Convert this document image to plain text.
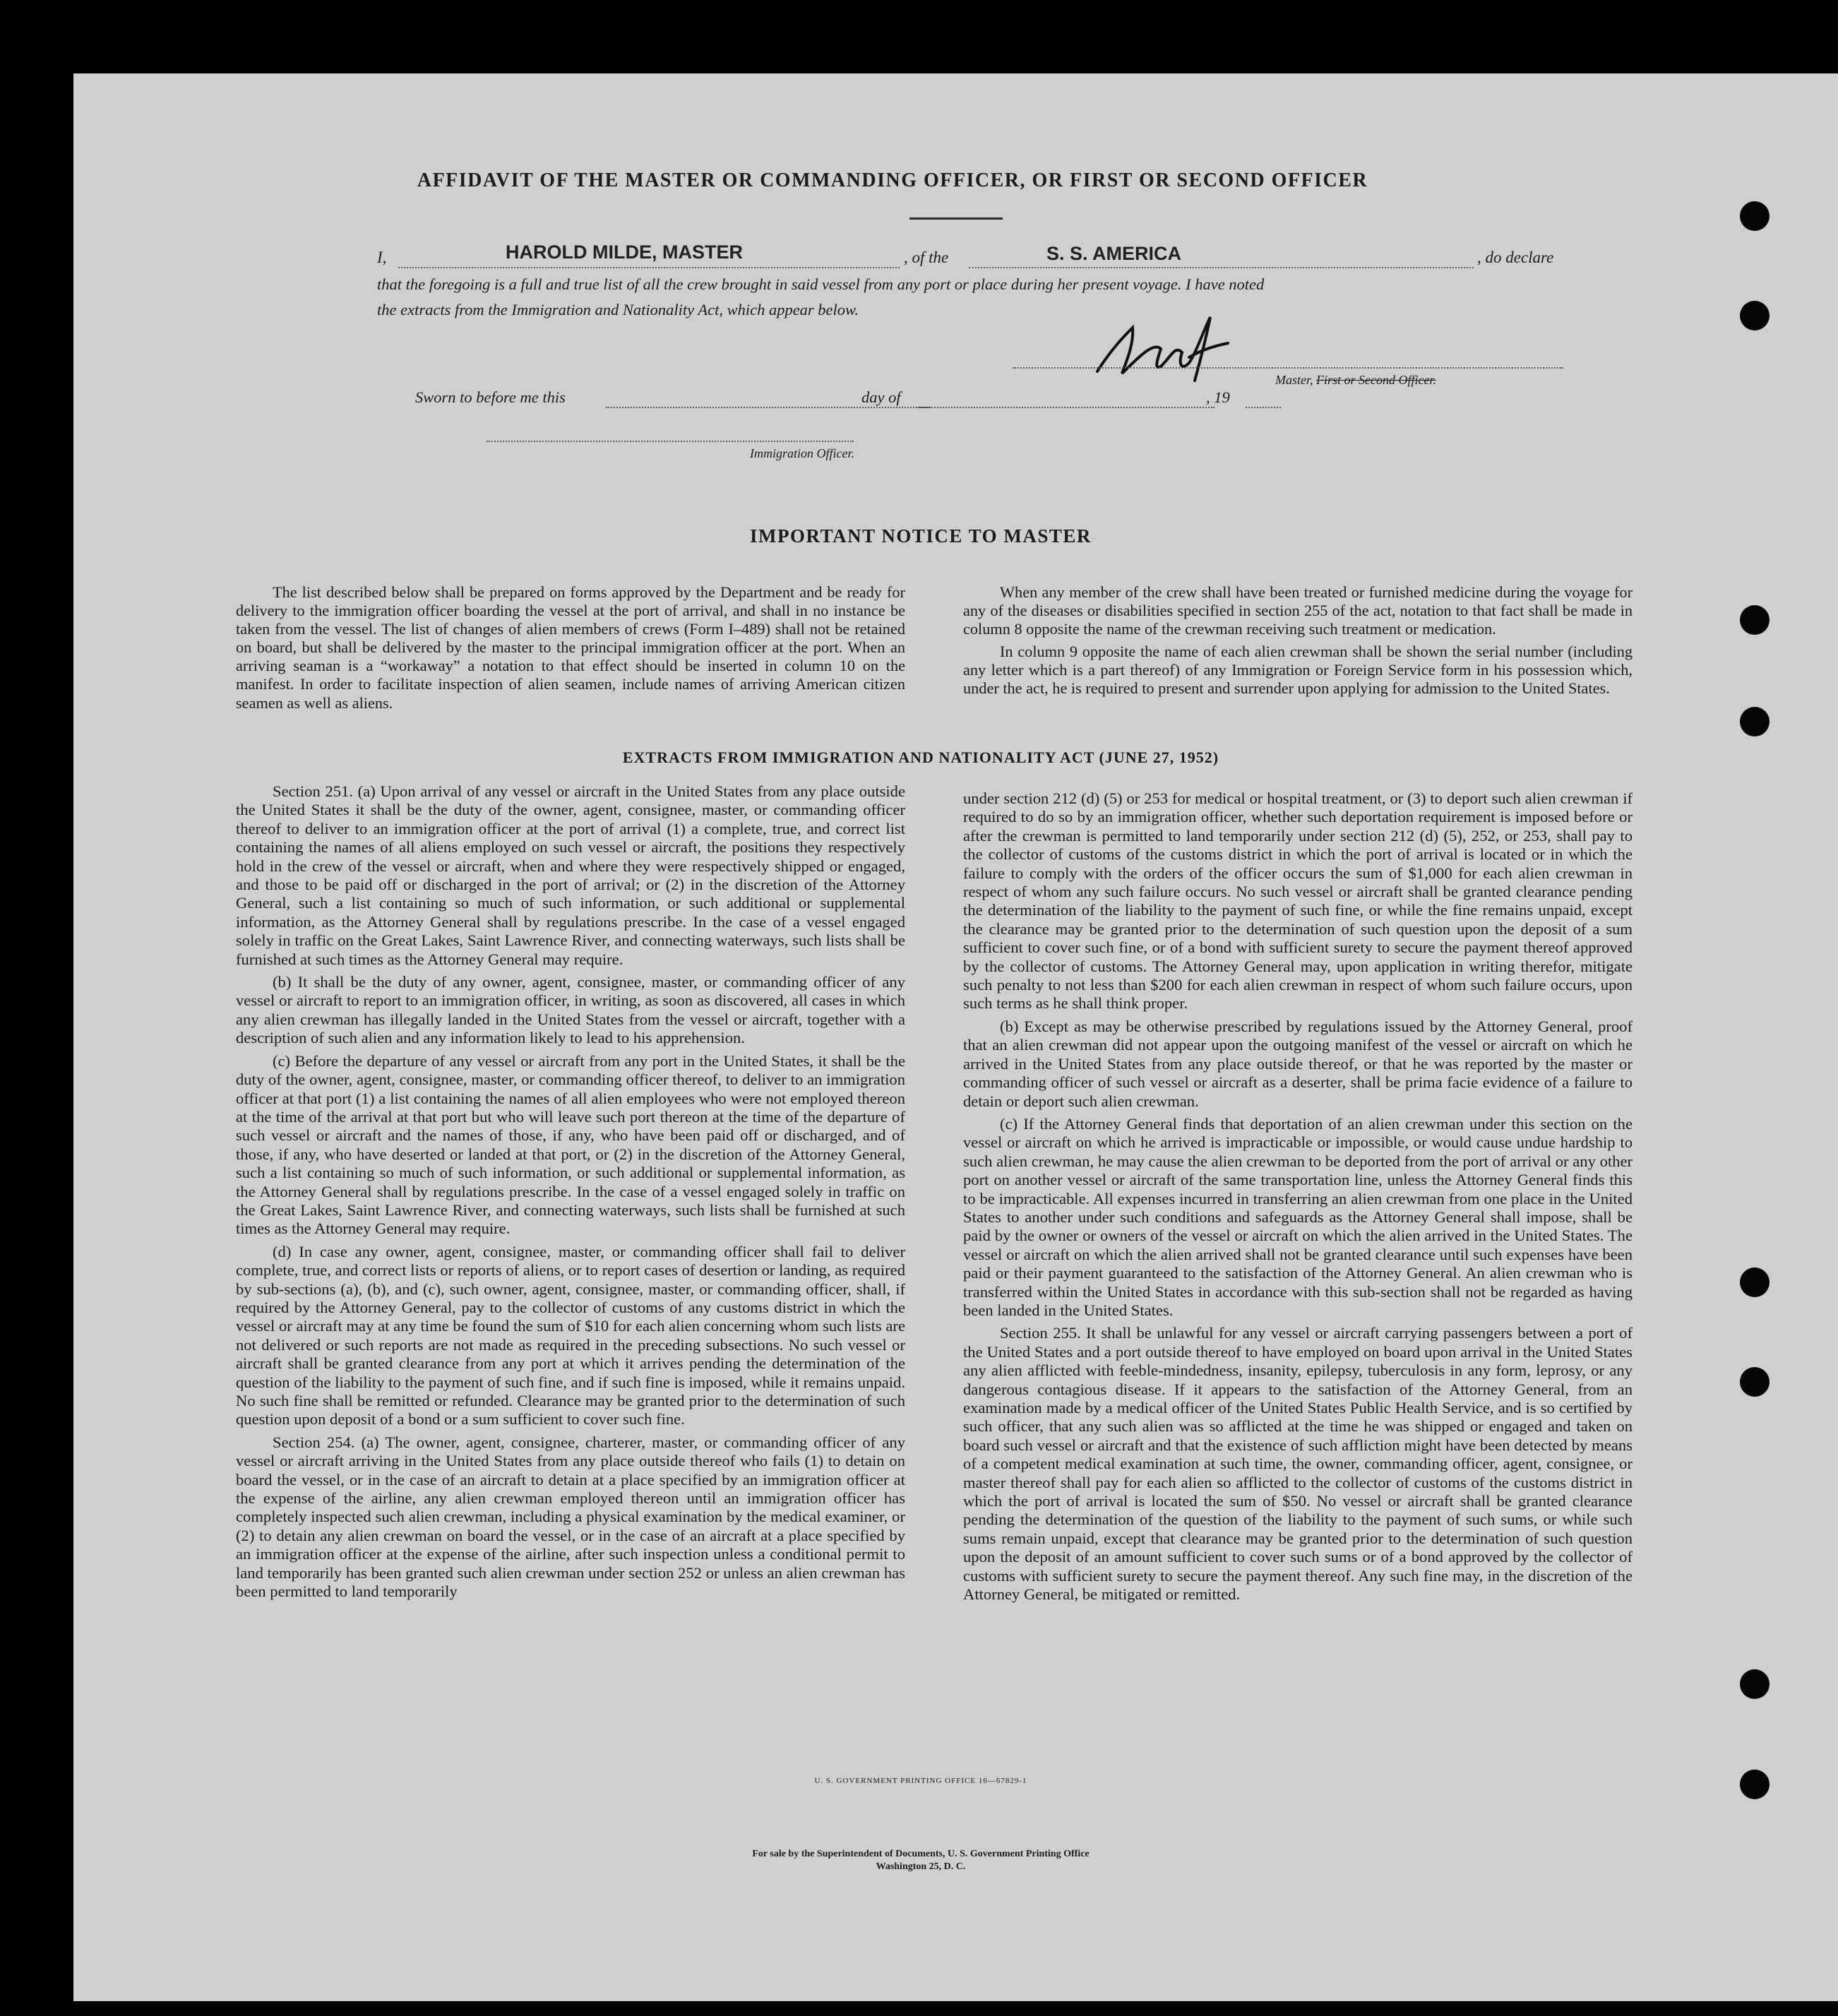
AFFIDAVIT OF THE MASTER OR COMMANDING OFFICER, OR FIRST OR SECOND OFFICER
I,	HAROLD MILDE, MASTER	, of the	S. S. AMERICA	, do declare
that the foregoing is a full and true list of all the crew brought in said vessel from any port or place during her present voyage. I have noted
the extracts from the Immigration and Nationality Act, which appear below.
Master, First or Second Officer.
Sworn to before me this	day of	, 19
Immigration Officer.
IMPORTANT NOTICE TO MASTER

The list described below shall be prepared on forms approved by the Department and be ready for delivery to the immigration officer boarding the vessel at the port of arrival, and shall in no instance be taken from the vessel. The list of changes of alien members of crews (Form I–489) shall not be retained on board, but shall be delivered by the master to the principal immigration officer at the port. When an arriving seaman is a “workaway” a notation to that effect should be inserted in column 10 on the manifest. In order to facilitate inspection of alien seamen, include names of arriving American citizen seamen as well as aliens.

When any member of the crew shall have been treated or furnished medicine during the voyage for any of the diseases or disabilities specified in section 255 of the act, notation to that fact shall be made in column 8 opposite the name of the crewman receiving such treatment or medication.

In column 9 opposite the name of each alien crewman shall be shown the serial number (including any letter which is a part thereof) of any Immigration or Foreign Service form in his possession which, under the act, he is required to present and surrender upon applying for admission to the United States.

EXTRACTS FROM IMMIGRATION AND NATIONALITY ACT (JUNE 27, 1952)

Section 251. (a) Upon arrival of any vessel or aircraft in the United States from any place outside the United States it shall be the duty of the owner, agent, consignee, master, or commanding officer thereof to deliver to an immigration officer at the port of arrival (1) a complete, true, and correct list containing the names of all aliens employed on such vessel or aircraft, the positions they respectively hold in the crew of the vessel or aircraft, when and where they were respectively shipped or engaged, and those to be paid off or discharged in the port of arrival; or (2) in the discretion of the Attorney General, such a list containing so much of such information, or such additional or supplemental information, as the Attorney General shall by regulations prescribe. In the case of a vessel engaged solely in traffic on the Great Lakes, Saint Lawrence River, and connecting waterways, such lists shall be furnished at such times as the Attorney General may require.

(b) It shall be the duty of any owner, agent, consignee, master, or commanding officer of any vessel or aircraft to report to an immigration officer, in writing, as soon as discovered, all cases in which any alien crewman has illegally landed in the United States from the vessel or aircraft, together with a description of such alien and any information likely to lead to his apprehension.

(c) Before the departure of any vessel or aircraft from any port in the United States, it shall be the duty of the owner, agent, consignee, master, or commanding officer thereof, to deliver to an immigration officer at that port (1) a list containing the names of all alien employees who were not employed thereon at the time of the arrival at that port but who will leave such port thereon at the time of the departure of such vessel or aircraft and the names of those, if any, who have been paid off or discharged, and of those, if any, who have deserted or landed at that port, or (2) in the discretion of the Attorney General, such a list containing so much of such information, or such additional or supplemental information, as the Attorney General shall by regulations prescribe. In the case of a vessel engaged solely in traffic on the Great Lakes, Saint Lawrence River, and connecting waterways, such lists shall be furnished at such times as the Attorney General may require.

(d) In case any owner, agent, consignee, master, or commanding officer shall fail to deliver complete, true, and correct lists or reports of aliens, or to report cases of desertion or landing, as required by sub-sections (a), (b), and (c), such owner, agent, consignee, master, or commanding officer, shall, if required by the Attorney General, pay to the collector of customs of any customs district in which the vessel or aircraft may at any time be found the sum of $10 for each alien concerning whom such lists are not delivered or such reports are not made as required in the preceding subsections. No such vessel or aircraft shall be granted clearance from any port at which it arrives pending the determination of the question of the liability to the payment of such fine, and if such fine is imposed, while it remains unpaid. No such fine shall be remitted or refunded. Clearance may be granted prior to the determination of such question upon deposit of a bond or a sum sufficient to cover such fine.

Section 254. (a) The owner, agent, consignee, charterer, master, or commanding officer of any vessel or aircraft arriving in the United States from any place outside thereof who fails (1) to detain on board the vessel, or in the case of an aircraft to detain at a place specified by an immigration officer at the expense of the airline, any alien crewman employed thereon until an immigration officer has completely inspected such alien crewman, including a physical examination by the medical examiner, or (2) to detain any alien crewman on board the vessel, or in the case of an aircraft at a place specified by an immigration officer at the expense of the airline, after such inspection unless a conditional permit to land temporarily has been granted such alien crewman under section 252 or unless an alien crewman has been permitted to land temporarily

under section 212 (d) (5) or 253 for medical or hospital treatment, or (3) to deport such alien crewman if required to do so by an immigration officer, whether such deportation requirement is imposed before or after the crewman is permitted to land temporarily under section 212 (d) (5), 252, or 253, shall pay to the collector of customs of the customs district in which the port of arrival is located or in which the failure to comply with the orders of the officer occurs the sum of $1,000 for each alien crewman in respect of whom any such failure occurs. No such vessel or aircraft shall be granted clearance pending the determination of the liability to the payment of such fine, or while the fine remains unpaid, except the clearance may be granted prior to the determination of such question upon the deposit of a sum sufficient to cover such fine, or of a bond with sufficient surety to secure the payment thereof approved by the collector of customs. The Attorney General may, upon application in writing therefor, mitigate such penalty to not less than $200 for each alien crewman in respect of whom such failure occurs, upon such terms as he shall think proper.

(b) Except as may be otherwise prescribed by regulations issued by the Attorney General, proof that an alien crewman did not appear upon the outgoing manifest of the vessel or aircraft on which he arrived in the United States from any place outside thereof, or that he was reported by the master or commanding officer of such vessel or aircraft as a deserter, shall be prima facie evidence of a failure to detain or deport such alien crewman.

(c) If the Attorney General finds that deportation of an alien crewman under this section on the vessel or aircraft on which he arrived is impracticable or impossible, or would cause undue hardship to such alien crewman, he may cause the alien crewman to be deported from the port of arrival or any other port on another vessel or aircraft of the same transportation line, unless the Attorney General finds this to be impracticable. All expenses incurred in transferring an alien crewman from one place in the United States to another under such conditions and safeguards as the Attorney General shall impose, shall be paid by the owner or owners of the vessel or aircraft on which the alien arrived in the United States. The vessel or aircraft on which the alien arrived shall not be granted clearance until such expenses have been paid or their payment guaranteed to the satisfaction of the Attorney General. An alien crewman who is transferred within the United States in accordance with this sub-section shall not be regarded as having been landed in the United States.

Section 255. It shall be unlawful for any vessel or aircraft carrying passengers between a port of the United States and a port outside thereof to have employed on board upon arrival in the United States any alien afflicted with feeble-mindedness, insanity, epilepsy, tuberculosis in any form, leprosy, or any dangerous contagious disease. If it appears to the satisfaction of the Attorney General, from an examination made by a medical officer of the United States Public Health Service, and is so certified by such officer, that any such alien was so afflicted at the time he was shipped or engaged and taken on board such vessel or aircraft and that the existence of such affliction might have been detected by means of a competent medical examination at such time, the owner, commanding officer, agent, consignee, or master thereof shall pay for each alien so afflicted to the collector of customs of the customs district in which the port of arrival is located the sum of $50. No vessel or aircraft shall be granted clearance pending the determination of the question of the liability to the payment of such sums, or while such sums remain unpaid, except that clearance may be granted prior to the determination of such question upon the deposit of an amount sufficient to cover such sums or of a bond approved by the collector of customs with sufficient surety to secure the payment thereof. Any such fine may, in the discretion of the Attorney General, be mitigated or remitted.

U. S. GOVERNMENT PRINTING OFFICE 16—67829-1
For sale by the Superintendent of Documents, U. S. Government Printing Office
Washington 25, D. C.
